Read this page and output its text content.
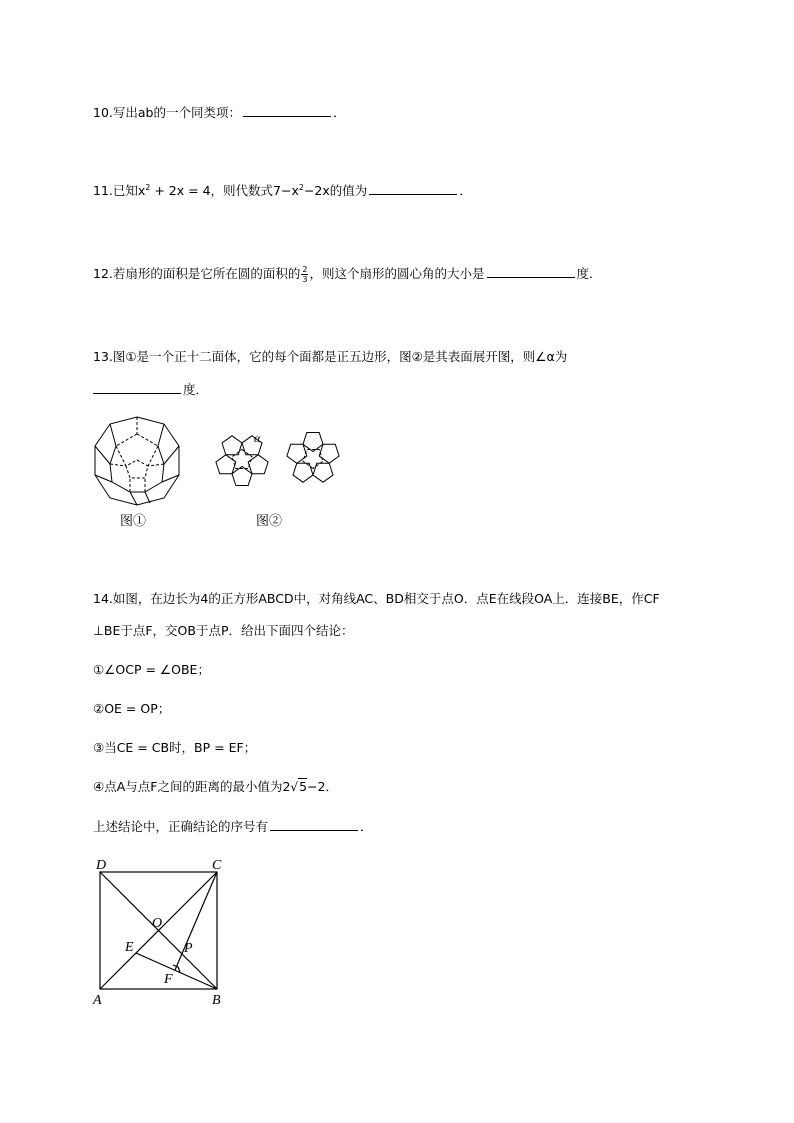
10.写出ab的一个同类项：	．
11.已知$x^2 + 2x = 4$，则代数式$7-x^2-2x$的值为	．
12.若扇形的面积是它所在圆的面积的 $\frac{2}{3}$ ，则这个扇形的圆心角的大小是	度．
13.图①是一个正十二面体，它的每个面都是正五边形，图②是其表面展开图，则∠α为
度．
图①
α
图②
14.如图，在边长为4的正方形ABCD中，对角线AC、BD相交于点O．点E在线段OA上．连接BE，作CF
⊥BE于点F，交OB于点P．给出下面四个结论：
①∠OCP = ∠OBE；
②OE = OP；
③当CE = CB时，BP = EF；
④点A与点F之间的距离的最小值为2√5−2．
上述结论中，正确结论的序号有	．
D	C
A	B
O
E	P
F
